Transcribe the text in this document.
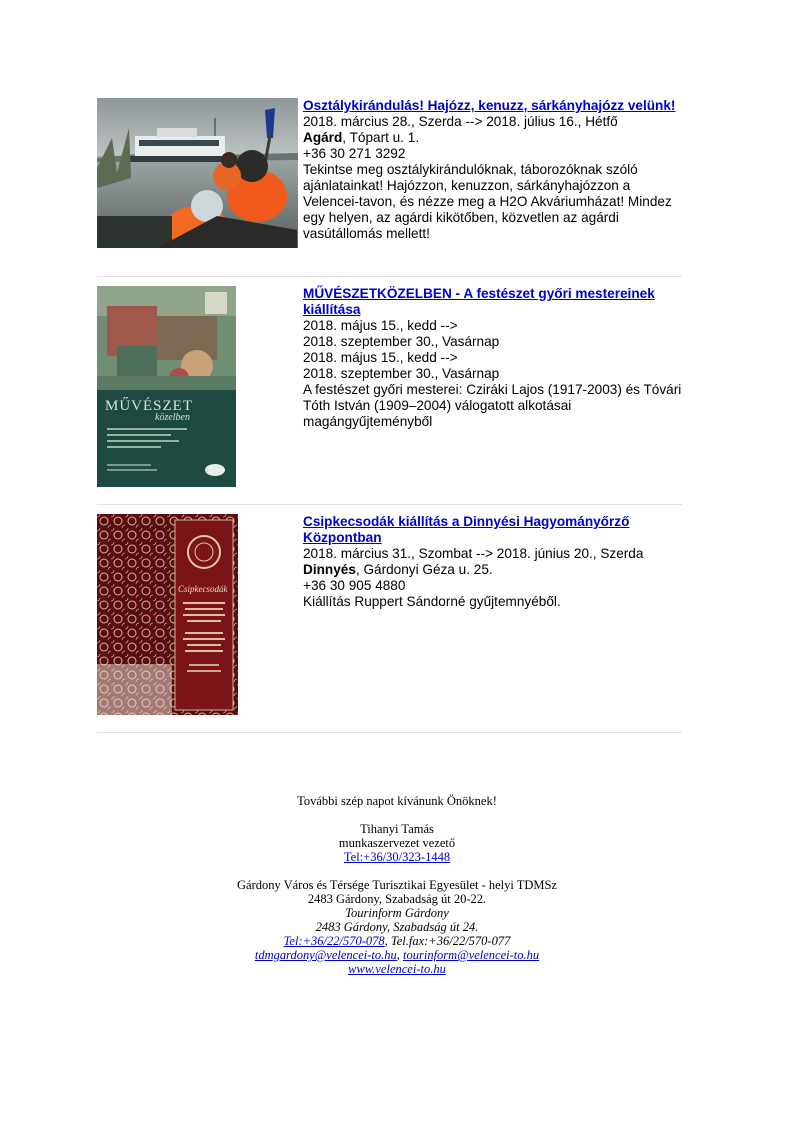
Osztálykirándulás! Hajózz, kenuzz, sárkányhajózz velünk!
2018. március 28., Szerda --> 2018. július 16., Hétfő
Agárd, Tópart u. 1.
+36 30 271 3292
Tekintse meg osztálykirándulóknak, táborozóknak szóló ajánlatainkat! Hajózzon, kenuzzon, sárkányhajózzon a Velencei-tavon, és nézze meg a H2O Akváriumházat! Mindez egy helyen, az agárdi kikötőben, közvetlen az agárdi vasútállomás mellett!
MŰVÉSZET
közelben
MŰVÉSZETKÖZELBEN - A festészet győri mestereinek kiállítása
2018. május 15., kedd -->
2018. szeptember 30., Vasárnap
2018. május 15., kedd -->
2018. szeptember 30., Vasárnap
A festészet győri mesterei: Cziráki Lajos (1917-2003) és Tóvári Tóth István (1909–2004) válogatott alkotásai magángyűjteményből
Csipkecsodák
Csipkecsodák kiállítás a Dinnyési Hagyományőrző Központban
2018. március 31., Szombat --> 2018. június 20., Szerda
Dinnyés, Gárdonyi Géza u. 25.
+36 30 905 4880
Kiállítás Ruppert Sándorné gyűjtemnyéből.
További szép napot kívánunk Önöknek!
Tihanyi Tamás
munkaszervezet vezető
Tel:+36/30/323-1448
Gárdony Város és Térsége Turisztikai Egyesület - helyi TDMSz
2483 Gárdony, Szabadság út 20-22.
Tourinform Gárdony
2483 Gárdony, Szabadság út 24.
Tel:+36/22/570-078, Tel.fax:+36/22/570-077
tdmgardony@velencei-to.hu, tourinform@velencei-to.hu
www.velencei-to.hu
